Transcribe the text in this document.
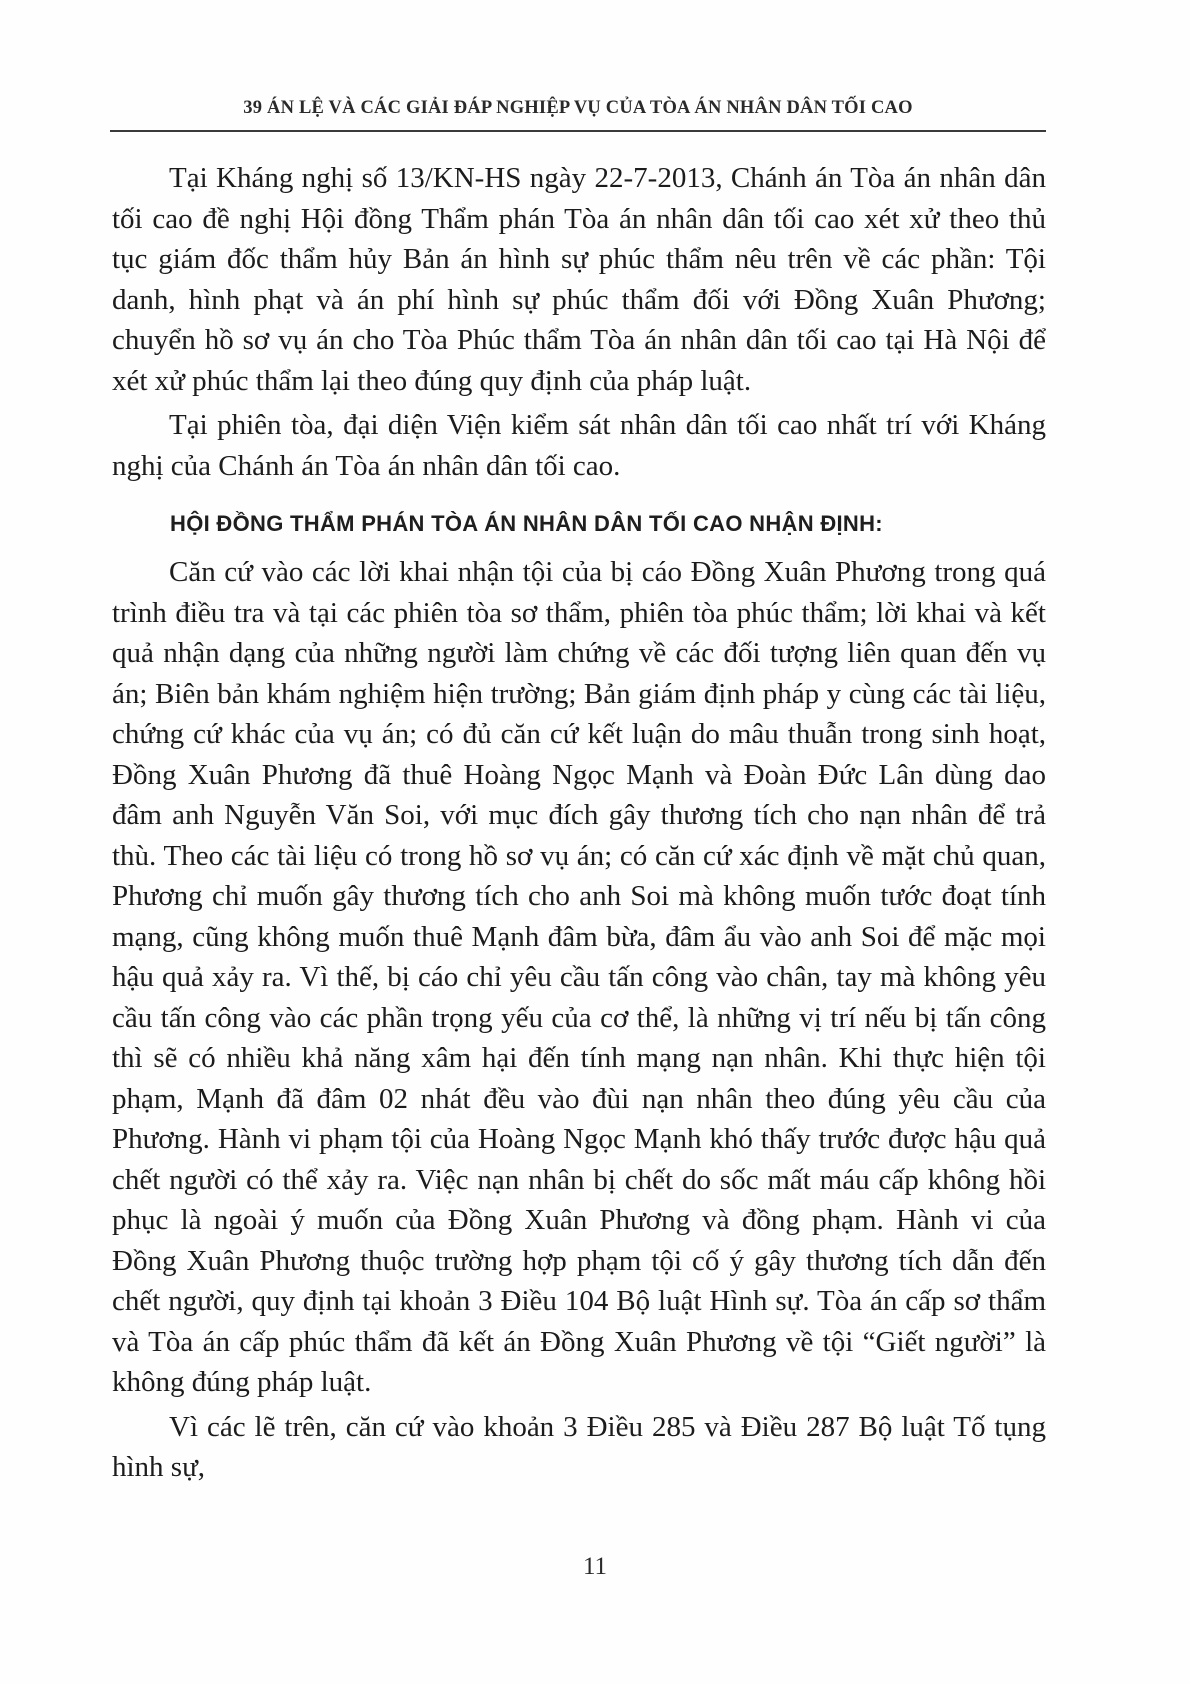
39 ÁN LỆ VÀ CÁC GIẢI ĐÁP NGHIỆP VỤ CỦA TÒA ÁN NHÂN DÂN TỐI CAO

Tại Kháng nghị số 13/KN-HS ngày 22-7-2013, Chánh án Tòa án nhân dân tối cao đề nghị Hội đồng Thẩm phán Tòa án nhân dân tối cao xét xử theo thủ tục giám đốc thẩm hủy Bản án hình sự phúc thẩm nêu trên về các phần: Tội danh, hình phạt và án phí hình sự phúc thẩm đối với Đồng Xuân Phương; chuyển hồ sơ vụ án cho Tòa Phúc thẩm Tòa án nhân dân tối cao tại Hà Nội để xét xử phúc thẩm lại theo đúng quy định của pháp luật.

Tại phiên tòa, đại diện Viện kiểm sát nhân dân tối cao nhất trí với Kháng nghị của Chánh án Tòa án nhân dân tối cao.

HỘI ĐỒNG THẨM PHÁN TÒA ÁN NHÂN DÂN TỐI CAO NHẬN ĐỊNH:

Căn cứ vào các lời khai nhận tội của bị cáo Đồng Xuân Phương trong quá trình điều tra và tại các phiên tòa sơ thẩm, phiên tòa phúc thẩm; lời khai và kết quả nhận dạng của những người làm chứng về các đối tượng liên quan đến vụ án; Biên bản khám nghiệm hiện trường; Bản giám định pháp y cùng các tài liệu, chứng cứ khác của vụ án; có đủ căn cứ kết luận do mâu thuẫn trong sinh hoạt, Đồng Xuân Phương đã thuê Hoàng Ngọc Mạnh và Đoàn Đức Lân dùng dao đâm anh Nguyễn Văn Soi, với mục đích gây thương tích cho nạn nhân để trả thù. Theo các tài liệu có trong hồ sơ vụ án; có căn cứ xác định về mặt chủ quan, Phương chỉ muốn gây thương tích cho anh Soi mà không muốn tước đoạt tính mạng, cũng không muốn thuê Mạnh đâm bừa, đâm ẩu vào anh Soi để mặc mọi hậu quả xảy ra. Vì thế, bị cáo chỉ yêu cầu tấn công vào chân, tay mà không yêu cầu tấn công vào các phần trọng yếu của cơ thể, là những vị trí nếu bị tấn công thì sẽ có nhiều khả năng xâm hại đến tính mạng nạn nhân. Khi thực hiện tội phạm, Mạnh đã đâm 02 nhát đều vào đùi nạn nhân theo đúng yêu cầu của Phương. Hành vi phạm tội của Hoàng Ngọc Mạnh khó thấy trước được hậu quả chết người có thể xảy ra. Việc nạn nhân bị chết do sốc mất máu cấp không hồi phục là ngoài ý muốn của Đồng Xuân Phương và đồng phạm. Hành vi của Đồng Xuân Phương thuộc trường hợp phạm tội cố ý gây thương tích dẫn đến chết người, quy định tại khoản 3 Điều 104 Bộ luật Hình sự. Tòa án cấp sơ thẩm và Tòa án cấp phúc thẩm đã kết án Đồng Xuân Phương về tội “Giết người” là không đúng pháp luật.

Vì các lẽ trên, căn cứ vào khoản 3 Điều 285 và Điều 287 Bộ luật Tố tụng hình sự,

11
